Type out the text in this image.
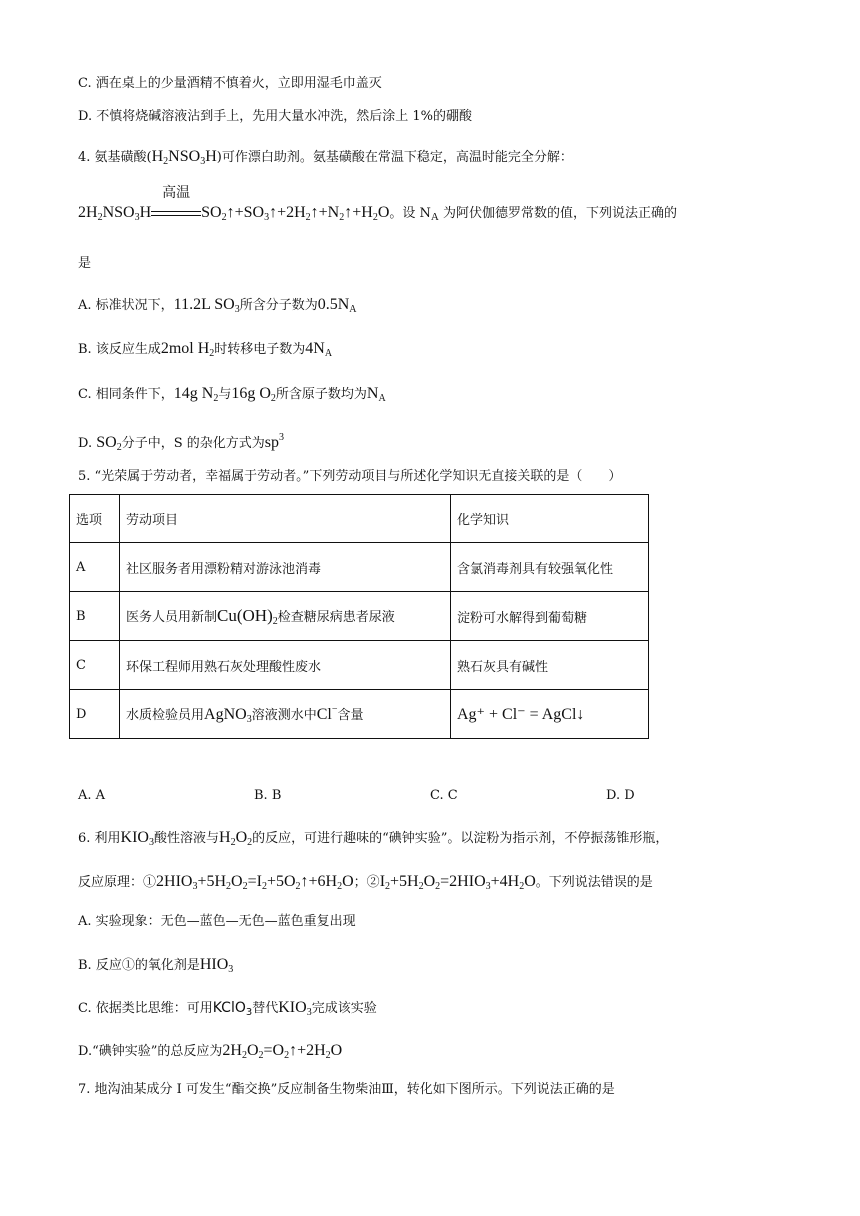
C. 洒在桌上的少量酒精不慎着火，立即用湿毛巾盖灭
D. 不慎将烧碱溶液沾到手上，先用大量水冲洗，然后涂上 1%的硼酸
4. 氨基磺酸$(H_2NSO_3H)$可作漂白助剂。氨基磺酸在常温下稳定，高温时能完全分解：
$2H_2NSO_3H$
高温
$SO_2↑+SO_3↑+2H_2↑+N_2↑+H_2O$。设 $N_A$ 为阿伏伽德罗常数的值，下列说法正确的
是
A. 标准状况下，11.2L $SO_3$所含分子数为$0.5N_A$
B. 该反应生成2mol $H_2$时转移电子数为$4N_A$
C. 相同条件下，14g $N_2$与16g $O_2$所含原子数均为$N_A$
D. $SO_2$分子中，S 的杂化方式为$sp^3$
5. “光荣属于劳动者，幸福属于劳动者。”下列劳动项目与所述化学知识无直接关联的是（　　）
选项	劳动项目	化学知识
A	社区服务者用漂粉精对游泳池消毒	含氯消毒剂具有较强氧化性
B	医务人员用新制$Cu(OH)_2$检查糖尿病患者尿液	淀粉可水解得到葡萄糖
C	环保工程师用熟石灰处理酸性废水	熟石灰具有碱性
D	水质检验员用AgNO$_3$溶液测水中Cl−含量	Ag⁺ + Cl⁻ = AgCl↓
A. A	B. B	C. C	D. D
6. 利用$KIO_3$酸性溶液与$H_2O_2$的反应，可进行趣味的“碘钟实验”。以淀粉为指示剂，不停振荡锥形瓶，
反应原理：$①2HIO_3+5H_2O_2=I_2+5O_2↑+6H_2O$；$②I_2+5H_2O_2=2HIO_3+4H_2O$。下列说法错误的是
A. 实验现象：无色—蓝色—无色—蓝色重复出现
B. 反应①的氧化剂是$HIO_3$
C. 依据类比思维：可用KClO$_3$替代$KIO_3$完成该实验
D.“碘钟实验”的总反应为$2H_2O_2=O_2↑+2H_2O$
7. 地沟油某成分 I 可发生“酯交换”反应制备生物柴油Ⅲ，转化如下图所示。下列说法正确的是
